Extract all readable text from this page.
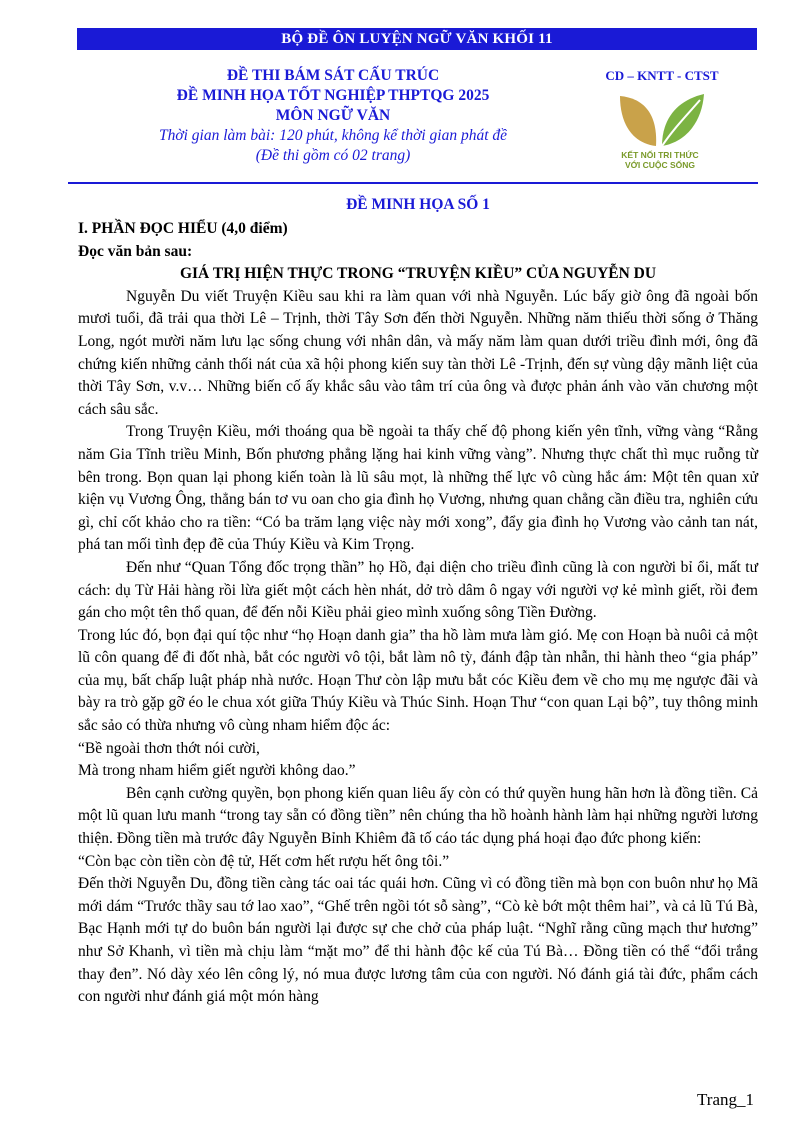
BỘ ĐỀ ÔN LUYỆN NGỮ VĂN KHỐI 11
ĐỀ THI BÁM SÁT CẤU TRÚC
ĐỀ MINH HỌA TỐT NGHIỆP THPTQG 2025
MÔN NGỮ VĂN
Thời gian làm bài: 120 phút, không kể thời gian phát đề
(Đề thi gồm có 02 trang)
CD – KNTT - CTST
KẾT NỐI TRI THỨC
VỚI CUỘC SỐNG
ĐỀ MINH HỌA SỐ 1

I. PHẦN ĐỌC HIỂU (4,0 điểm)

Đọc văn bản sau:

GIÁ TRỊ HIỆN THỰC TRONG “TRUYỆN KIỀU” CỦA NGUYỄN DU

Nguyễn Du viết Truyện Kiều sau khi ra làm quan với nhà Nguyễn. Lúc bấy giờ ông đã ngoài bốn mươi tuổi, đã trải qua thời Lê – Trịnh, thời Tây Sơn đến thời Nguyễn. Những năm thiếu thời sống ở Thăng Long, ngót mười năm lưu lạc sống chung với nhân dân, và mấy năm làm quan dưới triều đình mới, ông đã chứng kiến những cảnh thối nát của xã hội phong kiến suy tàn thời Lê -Trịnh, đến sự vùng dậy mãnh liệt của thời Tây Sơn, v.v… Những biến cố ấy khắc sâu vào tâm trí của ông và được phản ánh vào văn chương một cách sâu sắc.

Trong Truyện Kiều, mới thoáng qua bề ngoài ta thấy chế độ phong kiến yên tĩnh, vững vàng “Rằng năm Gia Tĩnh triều Minh, Bốn phương phẳng lặng hai kinh vững vàng”. Nhưng thực chất thì mục ruỗng từ bên trong. Bọn quan lại phong kiến toàn là lũ sâu mọt, là những thế lực vô cùng hắc ám: Một tên quan xử kiện vụ Vương Ông, thẳng bán tơ vu oan cho gia đình họ Vương, nhưng quan chẳng cần điều tra, nghiên cứu gì, chỉ cốt khảo cho ra tiền: “Có ba trăm lạng việc này mới xong”, đẩy gia đình họ Vương vào cảnh tan nát, phá tan mối tình đẹp đẽ của Thúy Kiều và Kim Trọng.

Đến như “Quan Tổng đốc trọng thần” họ Hồ, đại diện cho triều đình cũng là con người bỉ ổi, mất tư cách: dụ Từ Hải hàng rồi lừa giết một cách hèn nhát, dở trò dâm ô ngay với người vợ kẻ mình giết, rồi đem gán cho một tên thổ quan, để đến nỗi Kiều phải gieo mình xuống sông Tiền Đường.

Trong lúc đó, bọn đại quí tộc như “họ Hoạn danh gia” tha hồ làm mưa làm gió. Mẹ con Hoạn bà nuôi cả một lũ côn quang để đi đốt nhà, bắt cóc người vô tội, bắt làm nô tỳ, đánh đập tàn nhẫn, thi hành theo “gia pháp” của mụ, bất chấp luật pháp nhà nước. Hoạn Thư còn lập mưu bắt cóc Kiều đem về cho mụ mẹ ngược đãi và bày ra trò gặp gỡ éo le chua xót giữa Thúy Kiều và Thúc Sinh. Hoạn Thư “con quan Lại bộ”, tuy thông minh sắc sảo có thừa nhưng vô cùng nham hiểm độc ác:

“Bề ngoài thơn thớt nói cười,

Mà trong nham hiểm giết người không dao.”

Bên cạnh cường quyền, bọn phong kiến quan liêu ấy còn có thứ quyền hung hãn hơn là đồng tiền. Cả một lũ quan lưu manh “trong tay sẵn có đồng tiền” nên chúng tha hồ hoành hành làm hại những người lương thiện. Đồng tiền mà trước đây Nguyễn Bỉnh Khiêm đã tố cáo tác dụng phá hoại đạo đức phong kiến:

“Còn bạc còn tiền còn đệ tử, Hết cơm hết rượu hết ông tôi.”

Đến thời Nguyễn Du, đồng tiền càng tác oai tác quái hơn. Cũng vì có đồng tiền mà bọn con buôn như họ Mã mới dám “Trước thầy sau tớ lao xao”, “Ghế trên ngồi tót sỗ sàng”, “Cò kè bớt một thêm hai”, và cả lũ Tú Bà, Bạc Hạnh mới tự do buôn bán người lại được sự che chở của pháp luật. “Nghĩ rằng cũng mạch thư hương” như Sở Khanh, vì tiền mà chịu làm “mặt mo” để thi hành độc kế của Tú Bà… Đồng tiền có thể “đổi trắng thay đen”. Nó dày xéo lên công lý, nó mua được lương tâm của con người. Nó đánh giá tài đức, phẩm cách con người như đánh giá một món hàng

Trang_1
